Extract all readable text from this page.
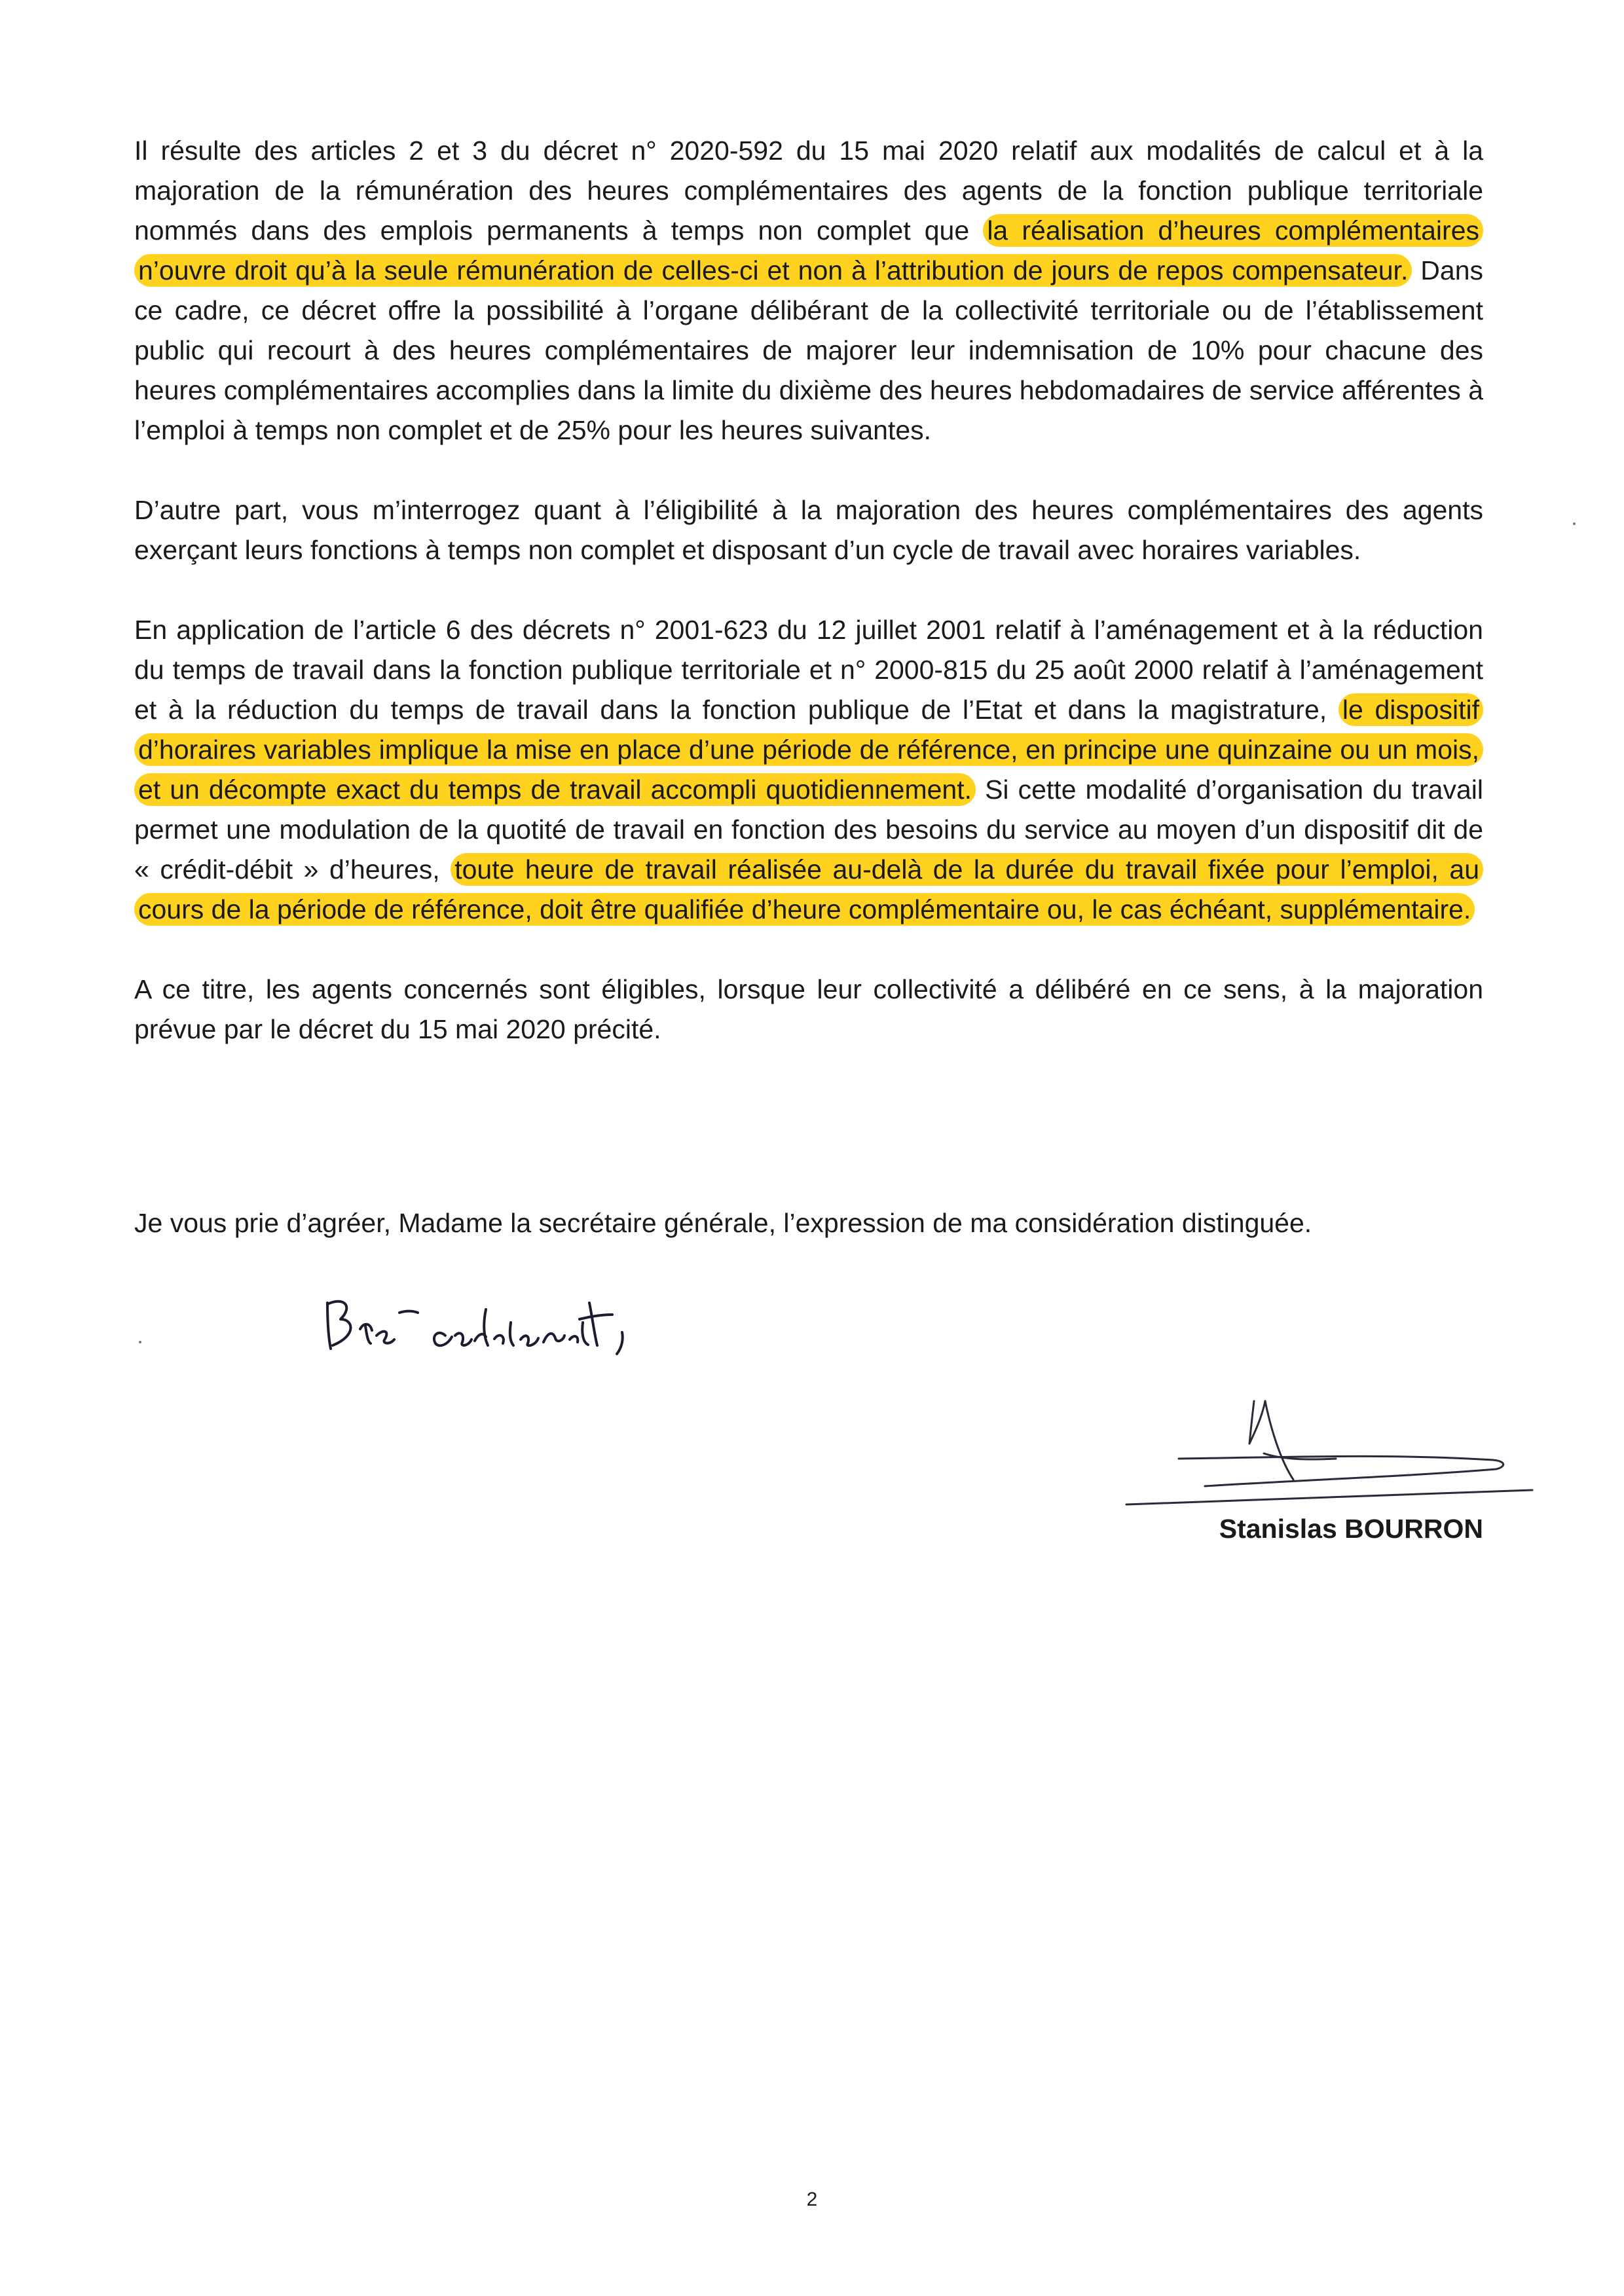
Il résulte des articles 2 et 3 du décret n° 2020-592 du 15 mai 2020 relatif aux modalités de calcul et à la majoration de la rémunération des heures complémentaires des agents de la fonction publique territoriale nommés dans des emplois permanents à temps non complet que la réalisation d’heures complémentaires n’ouvre droit qu’à la seule rémunération de celles-ci et non à l’attribution de jours de repos compensateur. Dans ce cadre, ce décret offre la possibilité à l’organe délibérant de la collectivité territoriale ou de l’établissement public qui recourt à des heures complémentaires de majorer leur indemnisation de 10% pour chacune des heures complémentaires accomplies dans la limite du dixième des heures hebdomadaires de service afférentes à l’emploi à temps non complet et de 25% pour les heures suivantes.

D’autre part, vous m’interrogez quant à l’éligibilité à la majoration des heures complémentaires des agents exerçant leurs fonctions à temps non complet et disposant d’un cycle de travail avec horaires variables.

En application de l’article 6 des décrets n° 2001-623 du 12 juillet 2001 relatif à l’aménagement et à la réduction du temps de travail dans la fonction publique territoriale et n° 2000-815 du 25 août 2000 relatif à l’aménagement et à la réduction du temps de travail dans la fonction publique de l’Etat et dans la magistrature, le dispositif d’horaires variables implique la mise en place d’une période de référence, en principe une quinzaine ou un mois, et un décompte exact du temps de travail accompli quotidiennement. Si cette modalité d’organisation du travail permet une modulation de la quotité de travail en fonction des besoins du service au moyen d’un dispositif dit de « crédit-débit » d’heures, toute heure de travail réalisée au-delà de la durée du travail fixée pour l’emploi, au cours de la période de référence, doit être qualifiée d’heure complémentaire ou, le cas échéant, supplémentaire.

A ce titre, les agents concernés sont éligibles, lorsque leur collectivité a délibéré en ce sens, à la majoration prévue par le décret du 15 mai 2020 précité.

Je vous prie d’agréer, Madame la secrétaire générale, l’expression de ma considération distinguée.
Stanislas BOURRON
2
